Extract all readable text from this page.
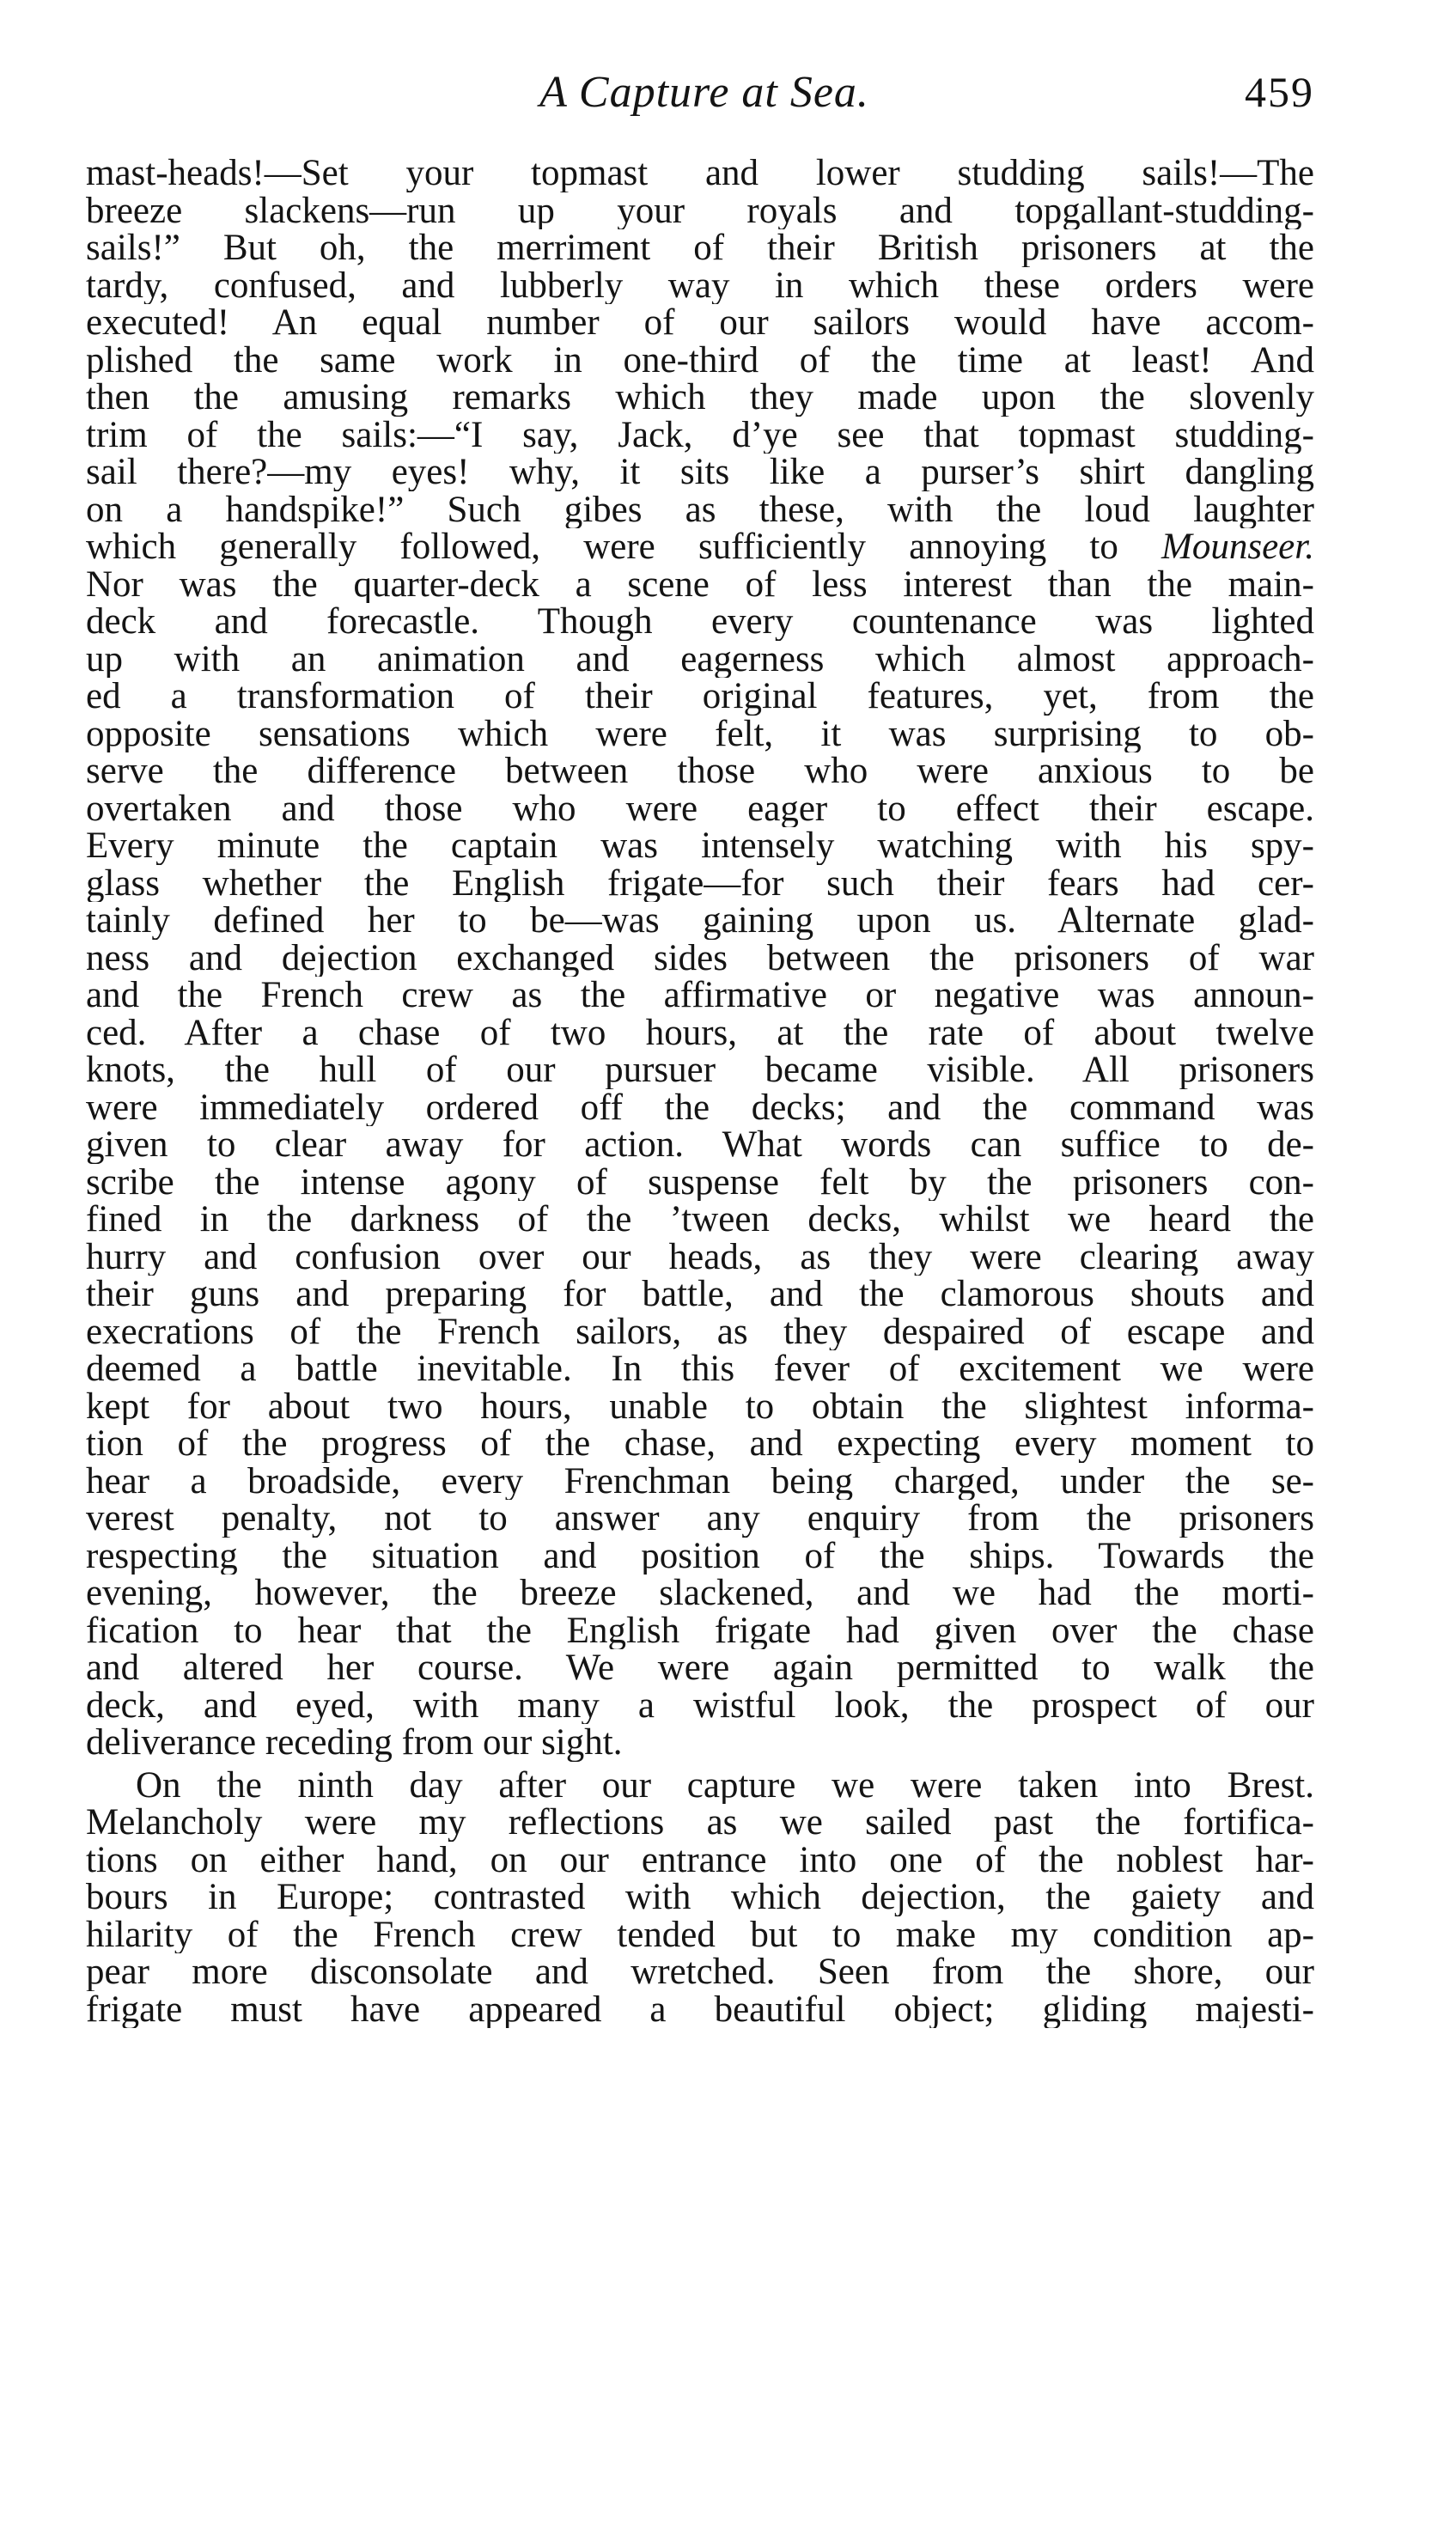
A Capture at Sea.	459
mast-heads!—Set your topmast and lower studding sails!—The
breeze slackens—run up your royals and topgallant-studding-
sails!” But oh, the merriment of their British prisoners at the
tardy, confused, and lubberly way in which these orders were
executed! An equal number of our sailors would have accom-
plished the same work in one-third of the time at least! And
then the amusing remarks which they made upon the slovenly
trim of the sails:—“I say, Jack, d’ye see that topmast studding-
sail there?—my eyes! why, it sits like a purser’s shirt dangling
on a handspike!” Such gibes as these, with the loud laughter
which generally followed, were sufficiently annoying to Mounseer.
Nor was the quarter-deck a scene of less interest than the main-
deck and forecastle. Though every countenance was lighted
up with an animation and eagerness which almost approach-
ed a transformation of their original features, yet, from the
opposite sensations which were felt, it was surprising to ob-
serve the difference between those who were anxious to be
overtaken and those who were eager to effect their escape.
Every minute the captain was intensely watching with his spy-
glass whether the English frigate—for such their fears had cer-
tainly defined her to be—was gaining upon us. Alternate glad-
ness and dejection exchanged sides between the prisoners of war
and the French crew as the affirmative or negative was announ-
ced. After a chase of two hours, at the rate of about twelve
knots, the hull of our pursuer became visible. All prisoners
were immediately ordered off the decks; and the command was
given to clear away for action. What words can suffice to de-
scribe the intense agony of suspense felt by the prisoners con-
fined in the darkness of the ’tween decks, whilst we heard the
hurry and confusion over our heads, as they were clearing away
their guns and preparing for battle, and the clamorous shouts and
execrations of the French sailors, as they despaired of escape and
deemed a battle inevitable. In this fever of excitement we were
kept for about two hours, unable to obtain the slightest informa-
tion of the progress of the chase, and expecting every moment to
hear a broadside, every Frenchman being charged, under the se-
verest penalty, not to answer any enquiry from the prisoners
respecting the situation and position of the ships. Towards the
evening, however, the breeze slackened, and we had the morti-
fication to hear that the English frigate had given over the chase
and altered her course. We were again permitted to walk the
deck, and eyed, with many a wistful look, the prospect of our
deliverance receding from our sight.
On the ninth day after our capture we were taken into Brest.
Melancholy were my reflections as we sailed past the fortifica-
tions on either hand, on our entrance into one of the noblest har-
bours in Europe; contrasted with which dejection, the gaiety and
hilarity of the French crew tended but to make my condition ap-
pear more disconsolate and wretched. Seen from the shore, our
frigate must have appeared a beautiful object; gliding majesti-
